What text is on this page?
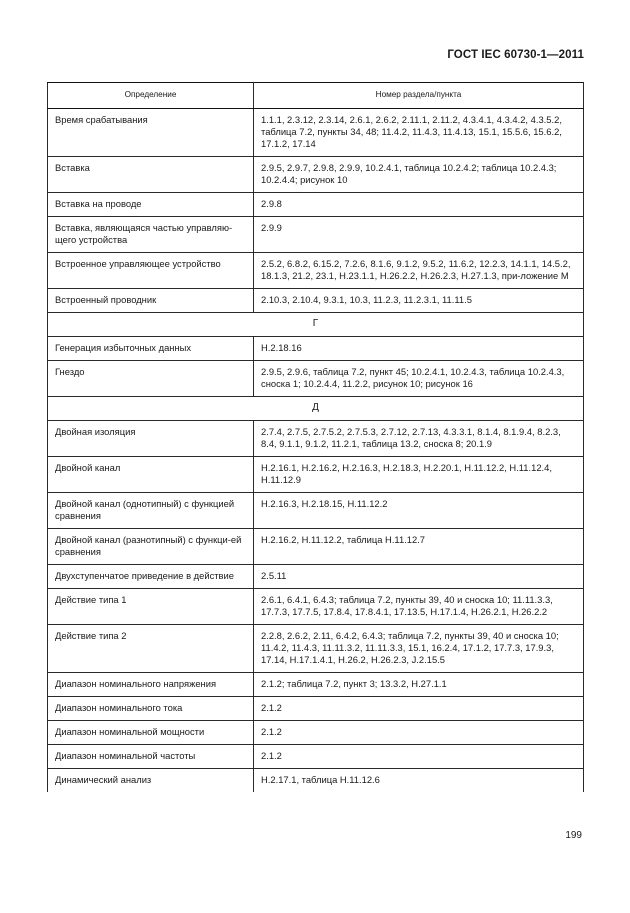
ГОСТ IEC 60730-1—2011
Определение	Номер раздела/пункта
Время срабатывания	1.1.1, 2.3.12, 2.3.14, 2.6.1, 2.6.2, 2.11.1, 2.11.2, 4.3.4.1, 4.3.4.2, 4.3.5.2, таблица 7.2, пункты 34, 48; 11.4.2, 11.4.3, 11.4.13, 15.1, 15.5.6, 15.6.2, 17.1.2, 17.14
Вставка	2.9.5, 2.9.7, 2.9.8, 2.9.9, 10.2.4.1, таблица 10.2.4.2; таблица 10.2.4.3; 10.2.4.4; рисунок 10
Вставка на проводе	2.9.8
Вставка, являющаяся частью управляю-щего устройства	2.9.9
Встроенное управляющее устройство	2.5.2, 6.8.2, 6.15.2, 7.2.6, 8.1.6, 9.1.2, 9.5.2, 11.6.2, 12.2.3, 14.1.1, 14.5.2, 18.1.3, 21.2, 23.1, Н.23.1.1, Н.26.2.2, Н.26.2.3, Н.27.1.3, при-ложение М
Встроенный проводник	2.10.3, 2.10.4, 9.3.1, 10.3, 11.2.3, 11.2.3.1, 11.11.5
Г	
Генерация избыточных данных	Н.2.18.16
Гнездо	2.9.5, 2.9.6, таблица 7.2, пункт 45; 10.2.4.1, 10.2.4.3, таблица 10.2.4.3, сноска 1; 10.2.4.4, 11.2.2, рисунок 10; рисунок 16
Д	
Двойная изоляция	2.7.4, 2.7.5, 2.7.5.2, 2.7.5.3, 2.7.12, 2.7.13, 4.3.3.1, 8.1.4, 8.1.9.4, 8.2.3, 8.4, 9.1.1, 9.1.2, 11.2.1, таблица 13.2, сноска 8; 20.1.9
Двойной канал	Н.2.16.1, Н.2.16.2, Н.2.16.3, Н.2.18.3, Н.2.20.1, Н.11.12.2, Н.11.12.4, Н.11.12.9
Двойной канал (однотипный) с функцией сравнения	Н.2.16.3, Н.2.18.15, Н.11.12.2
Двойной канал (разнотипный) с функци-ей сравнения	Н.2.16.2, Н.11.12.2, таблица Н.11.12.7
Двухступенчатое приведение в действие	2.5.11
Действие типа 1	2.6.1, 6.4.1, 6.4.3; таблица 7.2, пункты 39, 40 и сноска 10; 11.11.3.3, 17.7.3, 17.7.5, 17.8.4, 17.8.4.1, 17.13.5, Н.17.1.4, Н.26.2.1, Н.26.2.2
Действие типа 2	2.2.8, 2.6.2, 2.11, 6.4.2, 6.4.3; таблица 7.2, пункты 39, 40 и сноска 10; 11.4.2, 11.4.3, 11.11.3.2, 11.11.3.3, 15.1, 16.2.4, 17.1.2, 17.7.3, 17.9.3, 17.14, Н.17.1.4.1, Н.26.2, Н.26.2.3, J.2.15.5
Диапазон номинального напряжения	2.1.2; таблица 7.2, пункт 3; 13.3.2, Н.27.1.1
Диапазон номинального тока	2.1.2
Диапазон номинальной мощности	2.1.2
Диапазон номинальной частоты	2.1.2
Динамический анализ	Н.2.17.1, таблица Н.11.12.6
199
